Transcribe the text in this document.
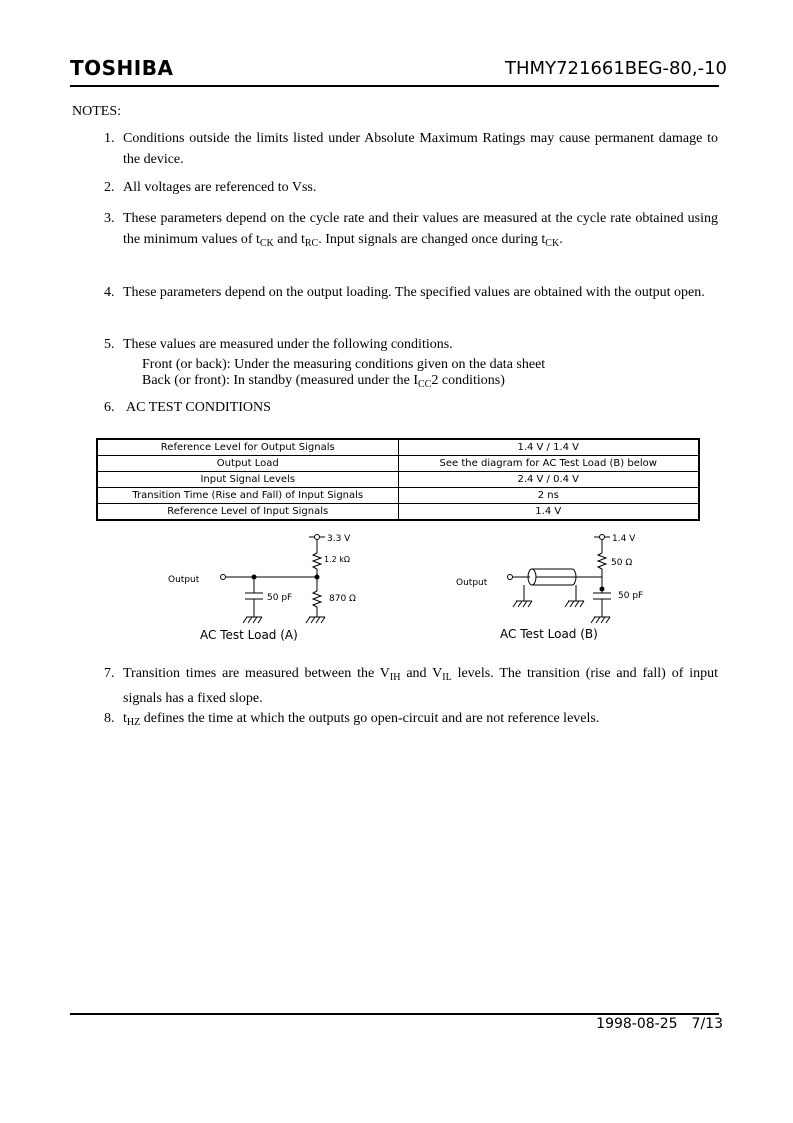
TOSHIBA	THMY721661BEG-80,-10
NOTES:
1. Conditions outside the limits listed under Absolute Maximum Ratings may cause permanent damage to the device.
2. All voltages are referenced to Vss.
3. These parameters depend on the cycle rate and their values are measured at the cycle rate obtained using the minimum values of $t_{CK}$ and $t_{RC}$. Input signals are changed once during $t_{CK}$.
4. These parameters depend on the output loading. The specified values are obtained with the output open.
5. These values are measured under the following conditions.
Front (or back): Under the measuring conditions given on the data sheet
Back (or front): In standby (measured under the $I_{CC}2$ conditions)
6. AC TEST CONDITIONS
Reference Level for Output Signals	1.4 V / 1.4 V
Output Load	See the diagram for AC Test Load (B) below
Input Signal Levels	2.4 V / 0.4 V
Transition Time (Rise and Fall) of Input Signals	2 ns
Reference Level of Input Signals	1.4 V
3.3 V
1.2 kΩ
Output
50 pF	870 Ω
AC Test Load (A)
1.4 V
50 Ω
Output
50 pF
AC Test Load (B)
7. Transition times are measured between the $V_{IH}$ and $V_{IL}$ levels. The transition (rise and fall) of input signals has a fixed slope.
8. $t_{HZ}$ defines the time at which the outputs go open-circuit and are not reference levels.
1998-08-25 7/13
